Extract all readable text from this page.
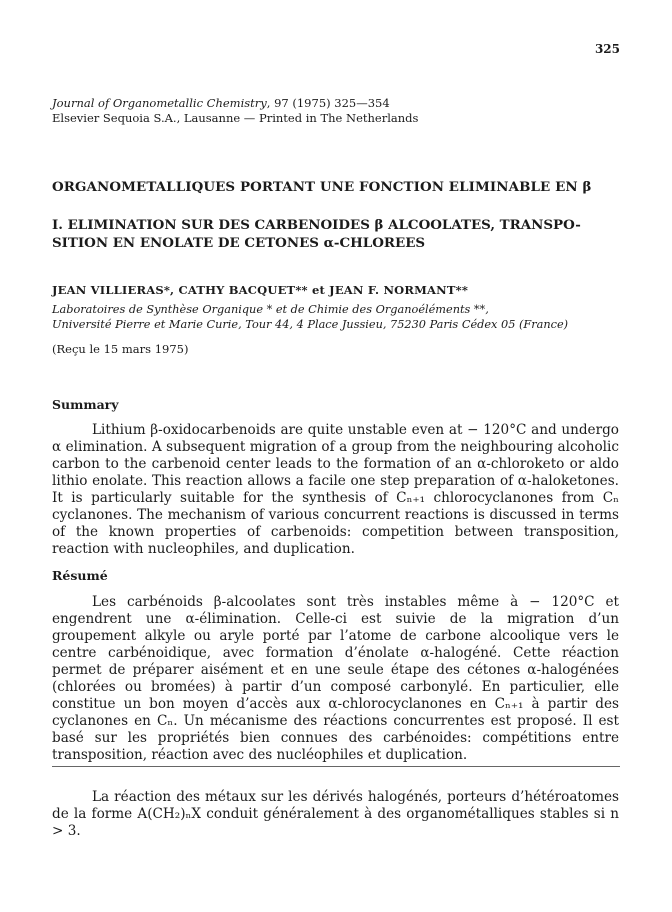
325
Journal of Organometallic Chemistry, 97 (1975) 325—354
Elsevier Sequoia S.A., Lausanne — Printed in The Netherlands
ORGANOMETALLIQUES PORTANT UNE FONCTION ELIMINABLE EN β
I. ELIMINATION SUR DES CARBENOIDES β ALCOOLATES, TRANSPO-SITION EN ENOLATE DE CETONES α-CHLOREES
JEAN VILLIERAS*, CATHY BACQUET** et JEAN F. NORMANT**
Laboratoires de Synthèse Organique * et de Chimie des Organoéléments **,
Université Pierre et Marie Curie, Tour 44, 4 Place Jussieu, 75230 Paris Cédex 05 (France)
(Reçu le 15 mars 1975)
Summary

Lithium β-oxidocarbenoids are quite unstable even at − 120°C and undergo α elimination. A subsequent migration of a group from the neighbouring alcoholic carbon to the carbenoid center leads to the formation of an α-chloroketo or aldo lithio enolate. This reaction allows a facile one step preparation of α-haloketones. It is particularly suitable for the synthesis of Cₙ₊₁ chlorocyclanones from Cₙ cyclanones. The mechanism of various concurrent reactions is discussed in terms of the known properties of carbenoids: competition between transposition, reaction with nucleophiles, and duplication.

Résumé

Les carbénoids β-alcoolates sont très instables même à − 120°C et engendrent une α-élimination. Celle-ci est suivie de la migration d’un groupement alkyle ou aryle porté par l’atome de carbone alcoolique vers le centre carbénoidique, avec formation d’énolate α-halogéné. Cette réaction permet de préparer aisément et en une seule étape des cétones α-halogénées (chlorées ou bromées) à partir d’un composé carbonylé. En particulier, elle constitue un bon moyen d’accès aux α-chlorocyclanones en Cₙ₊₁ à partir des cyclanones en Cₙ. Un mécanisme des réactions concurrentes est proposé. Il est basé sur les propriétés bien connues des carbénoides: compétitions entre transposition, réaction avec des nucléophiles et duplication.

La réaction des métaux sur les dérivés halogénés, porteurs d’hétéroatomes de la forme A(CH₂)ₙX conduit généralement à des organométalliques stables si n > 3.
